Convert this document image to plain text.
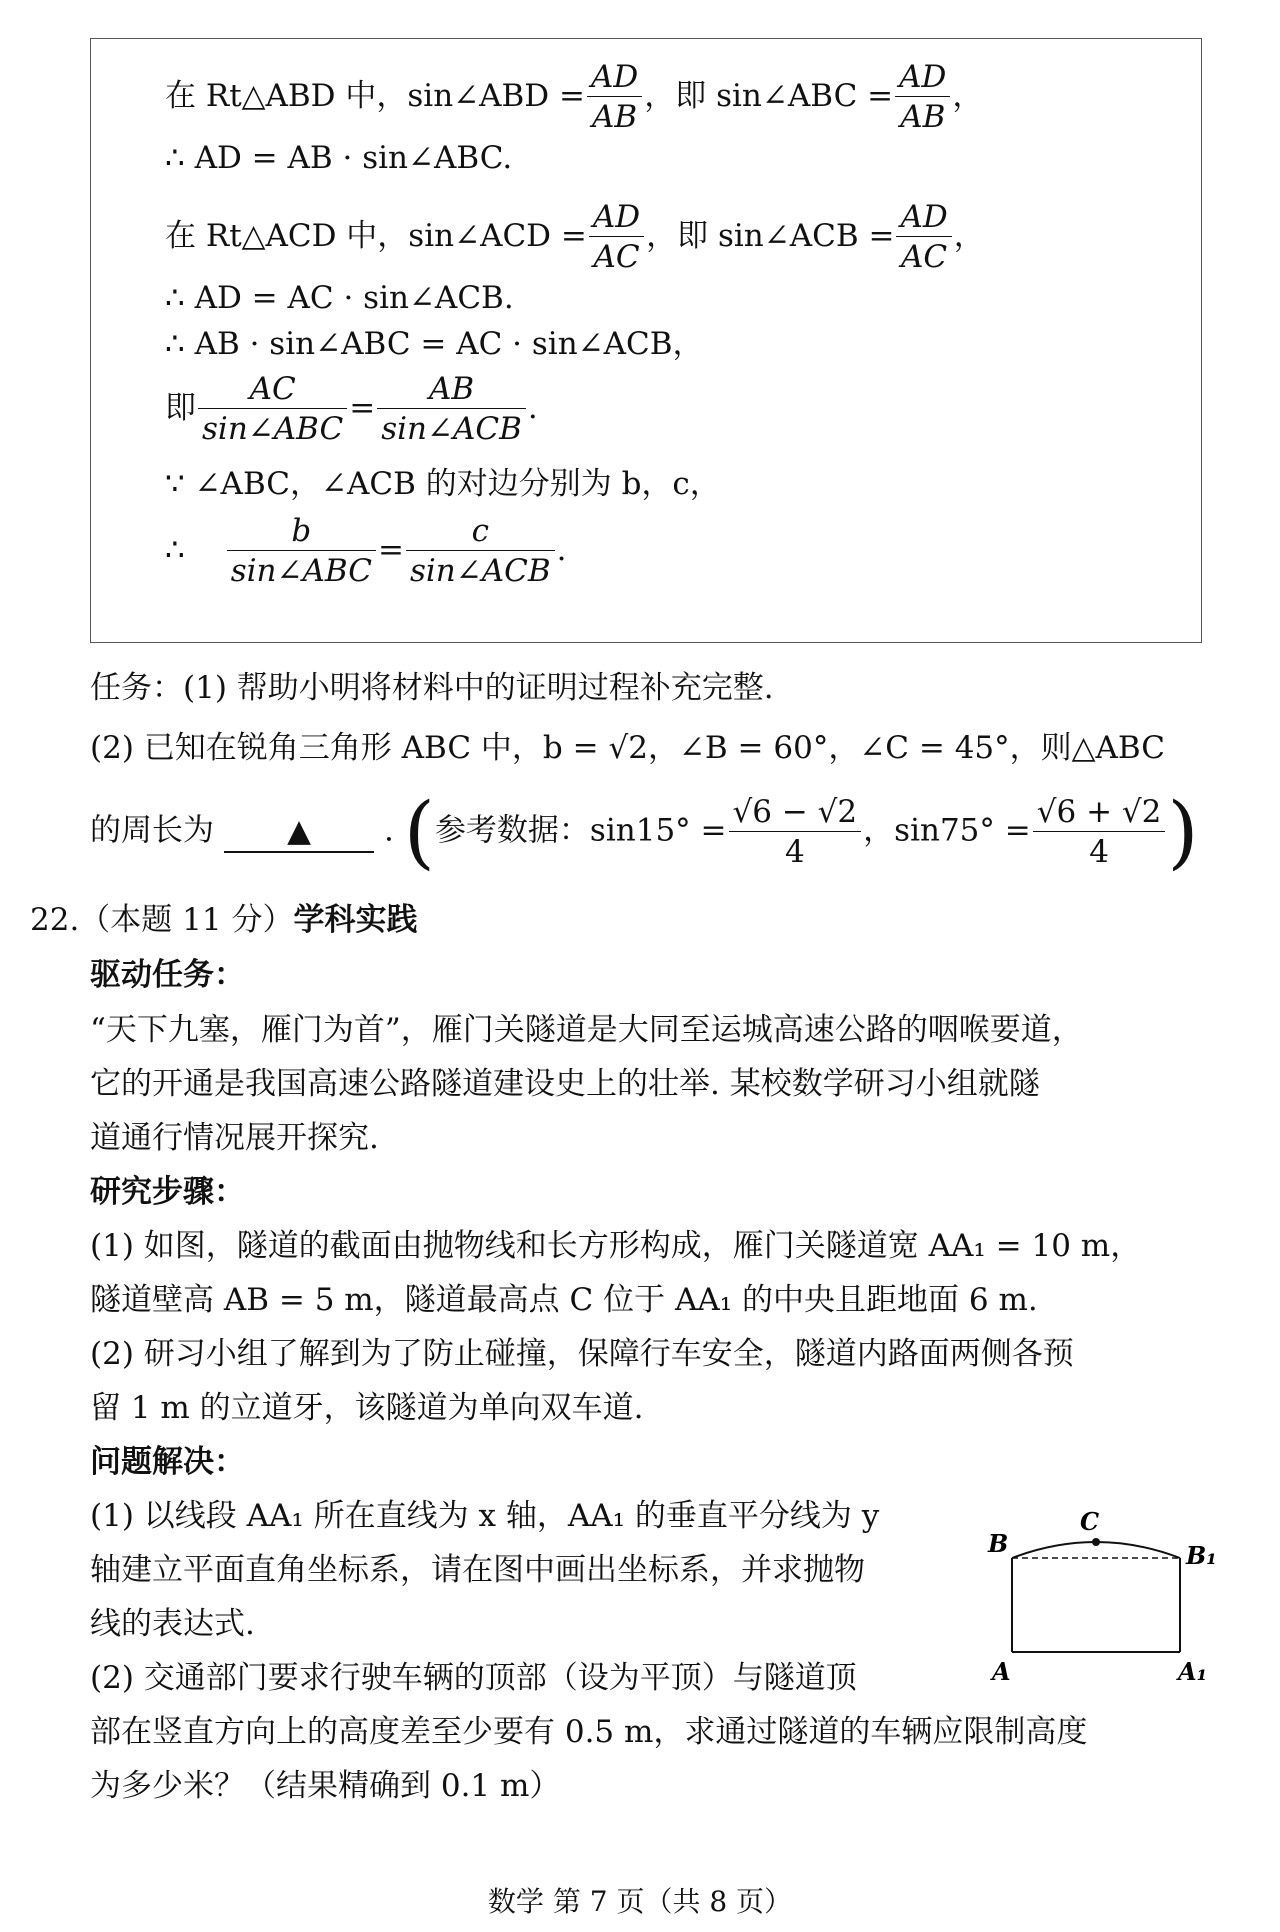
在 Rt△ABD 中，sin∠ABD = $\frac{AD}{AB}$ ，即 sin∠ABC = $\frac{AD}{AB}$ ，
∴ AD = AB · sin∠ABC.
在 Rt△ACD 中，sin∠ACD = $\frac{AD}{AC}$ ，即 sin∠ACB = $\frac{AD}{AC}$ ，
∴ AD = AC · sin∠ACB.
∴ AB · sin∠ABC = AC · sin∠ACB，
即 $\frac{AC}{\text{sin∠ABC}} = \frac{AB}{\text{sin∠ACB}}$ .
∵ ∠ABC，∠ACB 的对边分别为 b，c，
∴ $\frac{b}{\text{sin∠ABC}} = \frac{c}{\text{sin∠ACB}}$ .
任务：(1) 帮助小明将材料中的证明过程补充完整.
(2) 已知在锐角三角形 ABC 中，b = √2，∠B = 60°，∠C = 45°，则△ABC
的周长为 ▲ . (参考数据：$\sin 15^\circ = \frac{√6 - √2}{4}$ ，$\sin 75^\circ = \frac{√6 + √2}{4}$ )
22.（本题 11 分）学科实践
驱动任务：
“天下九塞，雁门为首”，雁门关隧道是大同至运城高速公路的咽喉要道，
它的开通是我国高速公路隧道建设史上的壮举. 某校数学研习小组就隧
道通行情况展开探究.
研究步骤：
(1) 如图，隧道的截面由抛物线和长方形构成，雁门关隧道宽 AA₁ = 10 m，
隧道壁高 AB = 5 m，隧道最高点 C 位于 AA₁ 的中央且距地面 6 m.
(2) 研习小组了解到为了防止碰撞，保障行车安全，隧道内路面两侧各预
留 1 m 的立道牙，该隧道为单向双车道.
问题解决：
(1) 以线段 AA₁ 所在直线为 x 轴，AA₁ 的垂直平分线为 y
轴建立平面直角坐标系，请在图中画出坐标系，并求抛物
线的表达式.
(2) 交通部门要求行驶车辆的顶部（设为平顶）与隧道顶
部在竖直方向上的高度差至少要有 0.5 m，求通过隧道的车辆应限制高度
为多少米？（结果精确到 0.1 m）
B
C
B₁
A	A₁
数学 第 7 页（共 8 页）
